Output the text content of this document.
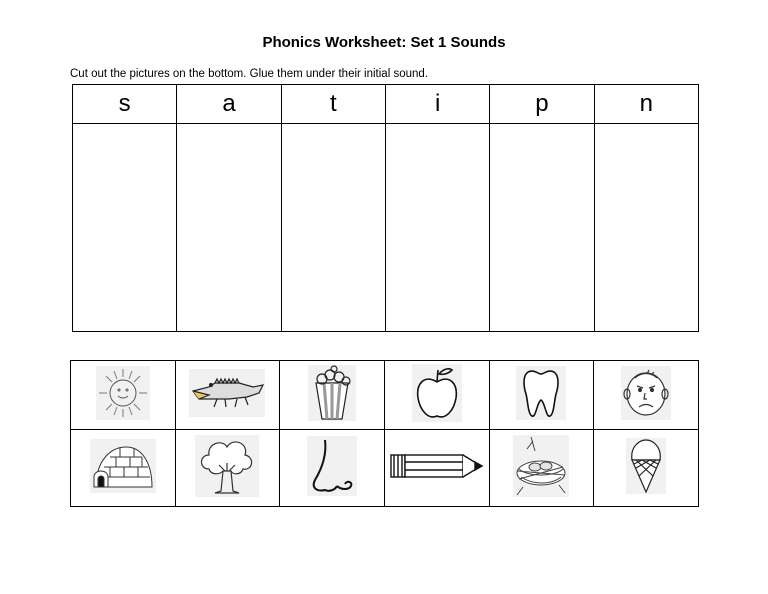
Phonics Worksheet: Set 1 Sounds
Cut out the pictures on the bottom. Glue them under their initial sound.
s	a	t	i	p	n
